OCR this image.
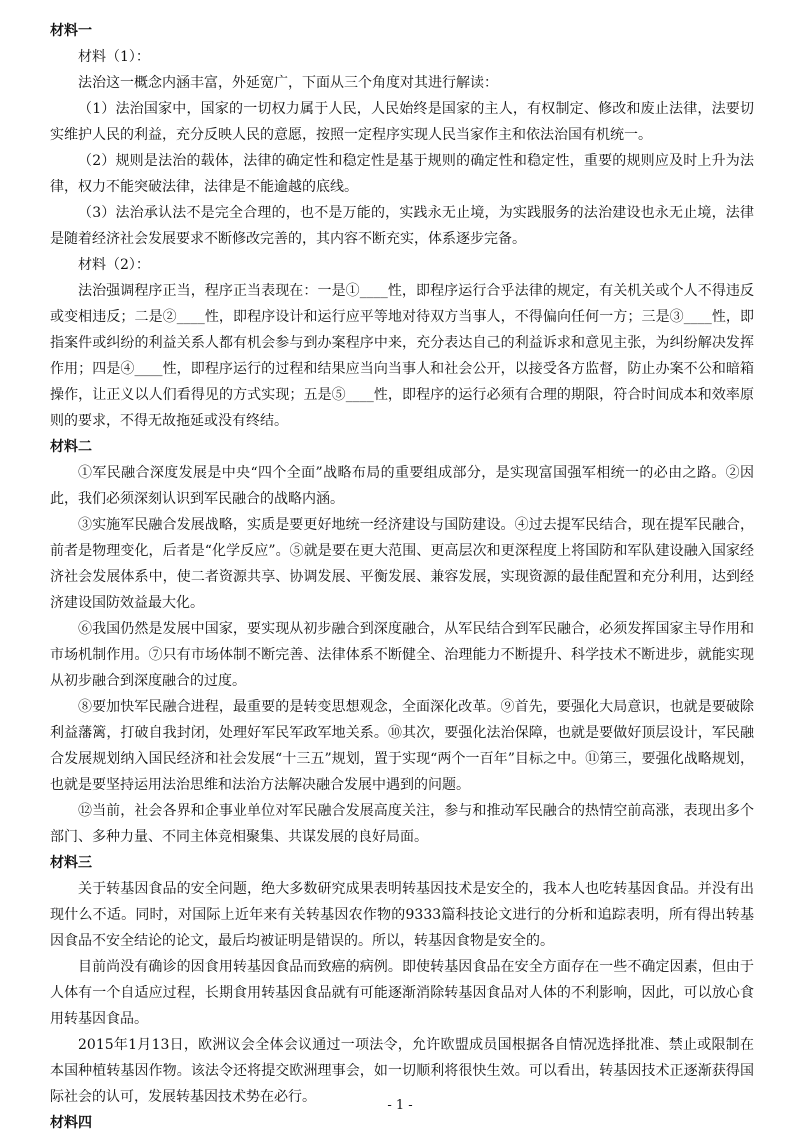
材料一

材料（1）：

法治这一概念内涵丰富，外延宽广，下面从三个角度对其进行解读：

（1）法治国家中，国家的一切权力属于人民，人民始终是国家的主人，有权制定、修改和废止法律，法要切实维护人民的利益，充分反映人民的意愿，按照一定程序实现人民当家作主和依法治国有机统一。

（2）规则是法治的载体，法律的确定性和稳定性是基于规则的确定性和稳定性，重要的规则应及时上升为法律，权力不能突破法律，法律是不能逾越的底线。

（3）法治承认法不是完全合理的，也不是万能的，实践永无止境，为实践服务的法治建设也永无止境，法律是随着经济社会发展要求不断修改完善的，其内容不断充实，体系逐步完备。

材料（2）：

法治强调程序正当，程序正当表现在：一是①____性，即程序运行合乎法律的规定，有关机关或个人不得违反或变相违反；二是②____性，即程序设计和运行应平等地对待双方当事人，不得偏向任何一方；三是③____性，即指案件或纠纷的利益关系人都有机会参与到办案程序中来，充分表达自己的利益诉求和意见主张，为纠纷解决发挥作用；四是④____性，即程序运行的过程和结果应当向当事人和社会公开，以接受各方监督，防止办案不公和暗箱操作，让正义以人们看得见的方式实现；五是⑤____性，即程序的运行必须有合理的期限，符合时间成本和效率原则的要求，不得无故拖延或没有终结。

材料二

①军民融合深度发展是中央“四个全面”战略布局的重要组成部分，是实现富国强军相统一的必由之路。②因此，我们必须深刻认识到军民融合的战略内涵。

③实施军民融合发展战略，实质是要更好地统一经济建设与国防建设。④过去提军民结合，现在提军民融合，前者是物理变化，后者是“化学反应”。⑤就是要在更大范围、更高层次和更深程度上将国防和军队建设融入国家经济社会发展体系中，使二者资源共享、协调发展、平衡发展、兼容发展，实现资源的最佳配置和充分利用，达到经济建设国防效益最大化。

⑥我国仍然是发展中国家，要实现从初步融合到深度融合，从军民结合到军民融合，必须发挥国家主导作用和市场机制作用。⑦只有市场体制不断完善、法律体系不断健全、治理能力不断提升、科学技术不断进步，就能实现从初步融合到深度融合的过度。

⑧要加快军民融合进程，最重要的是转变思想观念，全面深化改革。⑨首先，要强化大局意识，也就是要破除利益藩篱，打破自我封闭，处理好军民军政军地关系。⑩其次，要强化法治保障，也就是要做好顶层设计，军民融合发展规划纳入国民经济和社会发展“十三五”规划，置于实现“两个一百年”目标之中。⑪第三，要强化战略规划，也就是要坚持运用法治思维和法治方法解决融合发展中遇到的问题。

⑫当前，社会各界和企事业单位对军民融合发展高度关注，参与和推动军民融合的热情空前高涨，表现出多个部门、多种力量、不同主体竞相聚集、共谋发展的良好局面。

材料三

关于转基因食品的安全问题，绝大多数研究成果表明转基因技术是安全的，我本人也吃转基因食品。并没有出现什么不适。同时，对国际上近年来有关转基因农作物的9333篇科技论文进行的分析和追踪表明，所有得出转基因食品不安全结论的论文，最后均被证明是错误的。所以，转基因食物是安全的。

目前尚没有确诊的因食用转基因食品而致癌的病例。即使转基因食品在安全方面存在一些不确定因素，但由于人体有一个自适应过程，长期食用转基因食品就有可能逐渐消除转基因食品对人体的不利影响，因此，可以放心食用转基因食品。

2015年1月13日，欧洲议会全体会议通过一项法令，允许欧盟成员国根据各自情况选择批准、禁止或限制在本国种植转基因作物。该法令还将提交欧洲理事会，如一切顺利将很快生效。可以看出，转基因技术正逐渐获得国际社会的认可，发展转基因技术势在必行。

材料四
- 1 -
